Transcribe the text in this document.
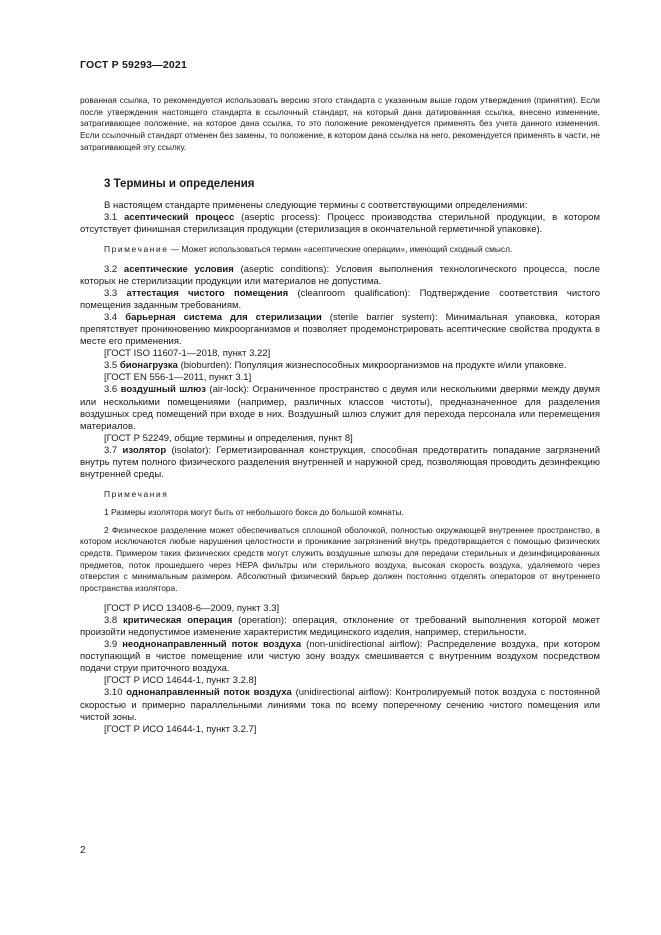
ГОСТ Р 59293—2021

рованная ссылка, то рекомендуется использовать версию этого стандарта с указанным выше годом утверждения (принятия). Если после утверждения настоящего стандарта в ссылочный стандарт, на который дана датированная ссылка, внесено изменение, затрагивающее положение, на которое дана ссылка, то это положение рекомендуется применять без учета данного изменения. Если ссылочный стандарт отменен без замены, то положение, в котором дана ссылка на него, рекомендуется применять в части, не затрагивающей эту ссылку.

3 Термины и определения

В настоящем стандарте применены следующие термины с соответствующими определениями:

3.1 асептический процесс (aseptic process): Процесс производства стерильной продукции, в котором отсутствует финишная стерилизация продукции (стерилизация в окончательной герметичной упаковке).

Примечание — Может использоваться термин «асептические операции», имеющий сходный смысл.

3.2 асептические условия (aseptic conditions): Условия выполнения технологического процесса, после которых не стерилизации продукции или материалов не допустима.

3.3 аттестация чистого помещения (cleanroom qualification): Подтверждение соответствия чистого помещения заданным требованиям.

3.4 барьерная система для стерилизации (sterile barrier system): Минимальная упаковка, которая препятствует проникновению микроорганизмов и позволяет продемонстрировать асептические свойства продукта в месте его применения.

[ГОСТ ISO 11607-1—2018, пункт 3.22]

3.5 бионагрузка (bioburden): Популяция жизнеспособных микроорганизмов на продукте и/или упаковке.

[ГОСТ EN 556-1—2011, пункт 3.1]

3.6 воздушный шлюз (air-lock): Ограниченное пространство с двумя или несколькими дверями между двумя или несколькими помещениями (например, различных классов чистоты), предназначенное для разделения воздушных сред помещений при входе в них. Воздушный шлюз служит для перехода персонала или перемещения материалов.

[ГОСТ Р 52249, общие термины и определения, пункт 8]

3.7 изолятор (isolator): Герметизированная конструкция, способная предотвратить попадание загрязнений внутрь путем полного физического разделения внутренней и наружной сред, позволяющая проводить дезинфекцию внутренней среды.

Примечания

1 Размеры изолятора могут быть от небольшого бокса до большой комнаты.

2 Физическое разделение может обеспечиваться сплошной оболочкой, полностью окружающей внутреннее пространство, в котором исключаются любые нарушения целостности и проникание загрязнений внутрь предотвращается с помощью физических средств. Примером таких физических средств могут служить воздушные шлюзы для передачи стерильных и дезинфицированных предметов, поток прошедшего через HEPA фильтры или стерильного воздуха, высокая скорость воздуха, удаляемого через отверстия с минимальным размером. Абсолютный физический барьер должен постоянно отделять операторов от внутреннего пространства изолятора.

[ГОСТ Р ИСО 13408-6—2009, пункт 3.3]

3.8 критическая операция (operation): операция, отклонение от требований выполнения которой может произойти недопустимое изменение характеристик медицинского изделия, например, стерильности.

3.9 неоднонаправленный поток воздуха (non-unidirectional airflow): Распределение воздуха, при котором поступающий в чистое помещение или чистую зону воздух смешивается с внутренним воздухом посредством подачи струи приточного воздуха.

[ГОСТ Р ИСО 14644-1, пункт 3.2.8]

3.10 однонаправленный поток воздуха (unidirectional airflow): Контролируемый поток воздуха с постоянной скоростью и примерно параллельными линиями тока по всему поперечному сечению чистого помещения или чистой зоны.

[ГОСТ Р ИСО 14644-1, пункт 3.2.7]

2
